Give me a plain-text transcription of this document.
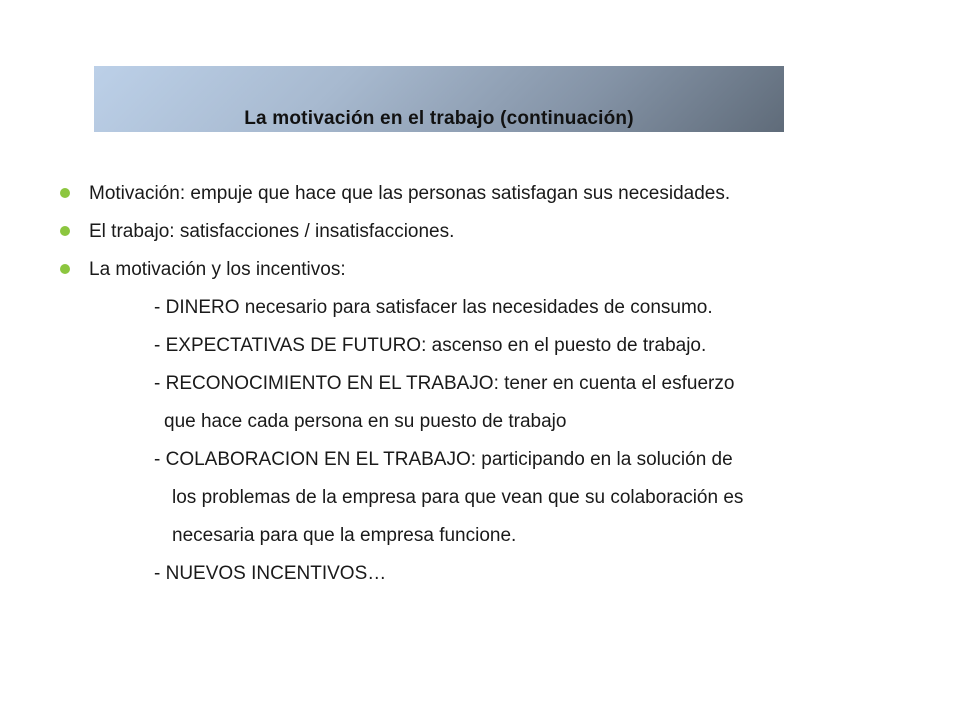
La motivación en el trabajo (continuación)
Motivación: empuje que hace que las personas satisfagan sus necesidades.
El trabajo: satisfacciones / insatisfacciones.
La motivación y los incentivos:
- DINERO necesario para satisfacer las necesidades de consumo.
- EXPECTATIVAS DE FUTURO: ascenso en el puesto de trabajo.
- RECONOCIMIENTO EN EL TRABAJO: tener en cuenta el esfuerzo
que hace cada persona en su puesto de trabajo
- COLABORACION EN EL TRABAJO: participando en la solución de
los problemas de la empresa para que vean que su colaboración es
necesaria para que la empresa funcione.
- NUEVOS INCENTIVOS…
